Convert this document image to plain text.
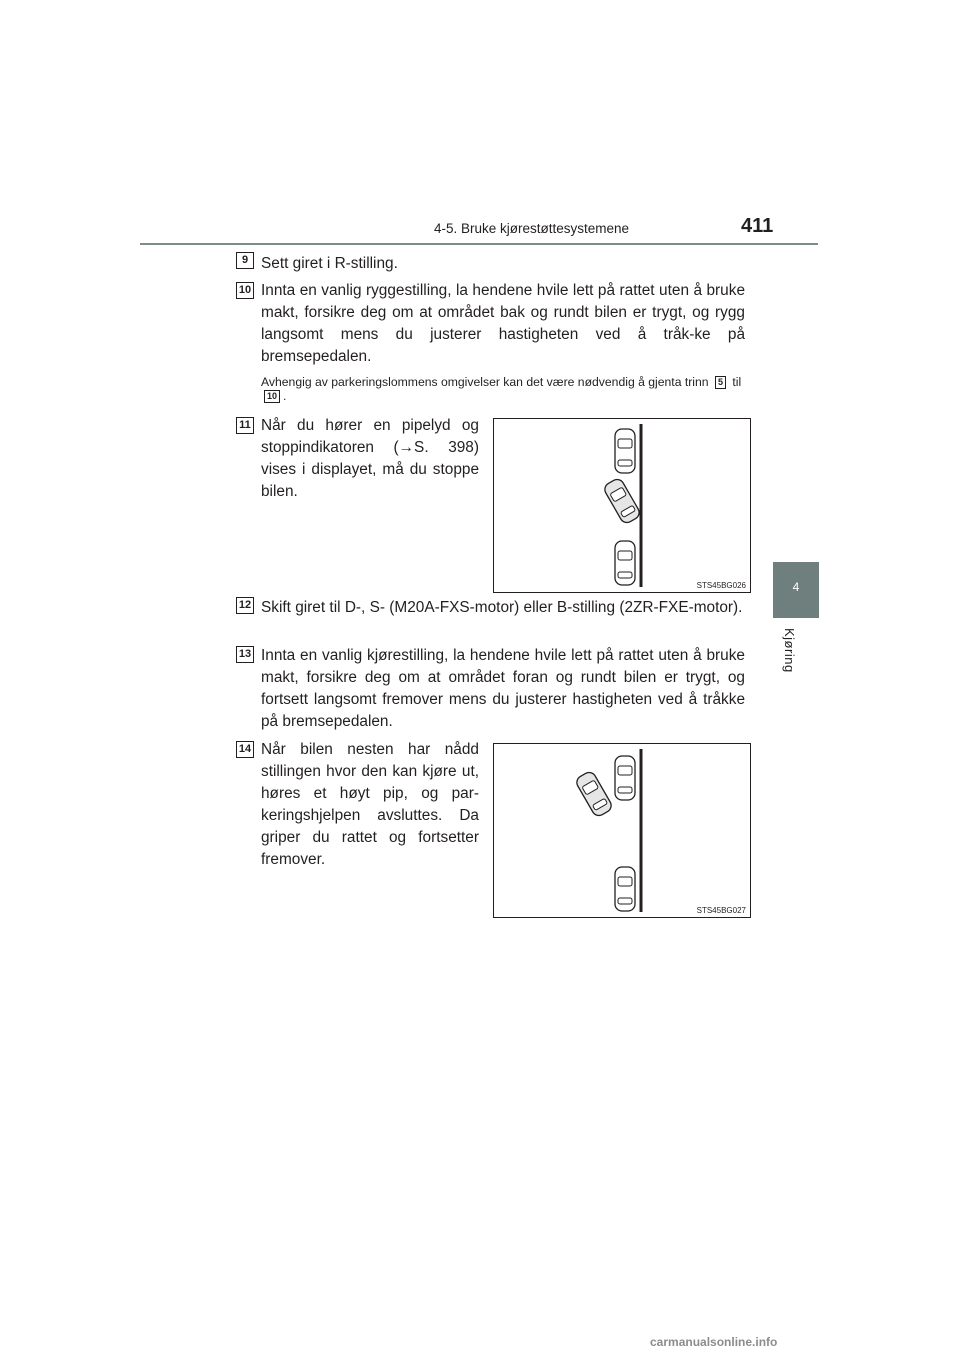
4-5. Bruke kjørestøttesystemene	411
4
Kjøring
9 Sett giret i R-stilling.
10 Innta en vanlig ryggestilling, la hendene hvile lett på rattet uten å bruke makt, forsikre deg om at området bak og rundt bilen er trygt, og rygg langsomt mens du justerer hastigheten ved å tråk-ke på bremsepedalen.
Avhengig av parkeringslommens omgivelser kan det være nødvendig å gjenta trinn 5 til 10 .
11 Når du hører en pipelyd og stoppindikatoren (→S. 398) vises i displayet, må du stoppe bilen.
STS45BG026
12 Skift giret til D-, S- (M20A-FXS-motor) eller B-stilling (2ZR-FXE-motor).
13 Innta en vanlig kjørestilling, la hendene hvile lett på rattet uten å bruke makt, forsikre deg om at området foran og rundt bilen er trygt, og fortsett langsomt fremover mens du justerer hastigheten ved å tråkke på bremsepedalen.
14 Når bilen nesten har nådd stillingen hvor den kan kjøre ut, høres et høyt pip, og par-keringshjelpen avsluttes. Da griper du rattet og fortsetter fremover.
STS45BG027
carmanualsonline.info
